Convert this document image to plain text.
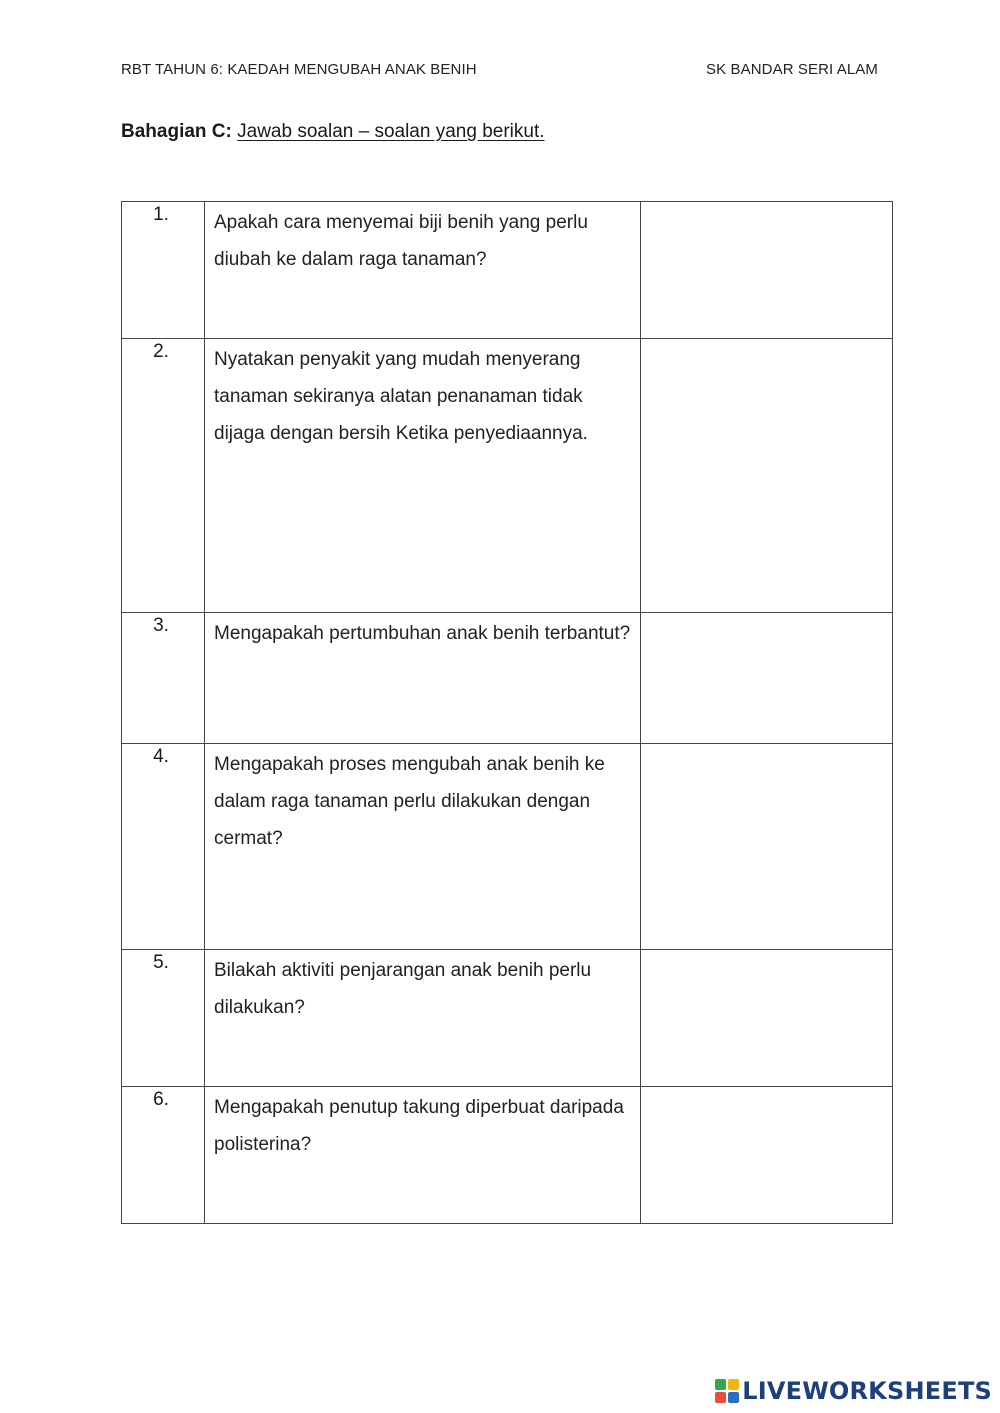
RBT TAHUN 6: KAEDAH MENGUBAH ANAK BENIH	SK BANDAR SERI ALAM
Bahagian C: Jawab soalan – soalan yang berikut.
1.	Apakah cara menyemai biji benih yang perlu diubah ke dalam raga tanaman?	
2.	Nyatakan penyakit yang mudah menyerang tanaman sekiranya alatan penanaman tidak dijaga dengan bersih Ketika penyediaannya.	
3.	Mengapakah pertumbuhan anak benih terbantut?	
4.	Mengapakah proses mengubah anak benih ke dalam raga tanaman perlu dilakukan dengan cermat?	
5.	Bilakah aktiviti penjarangan anak benih perlu dilakukan?	
6.	Mengapakah penutup takung diperbuat daripada polisterina?	
LIVEWORKSHEETS
